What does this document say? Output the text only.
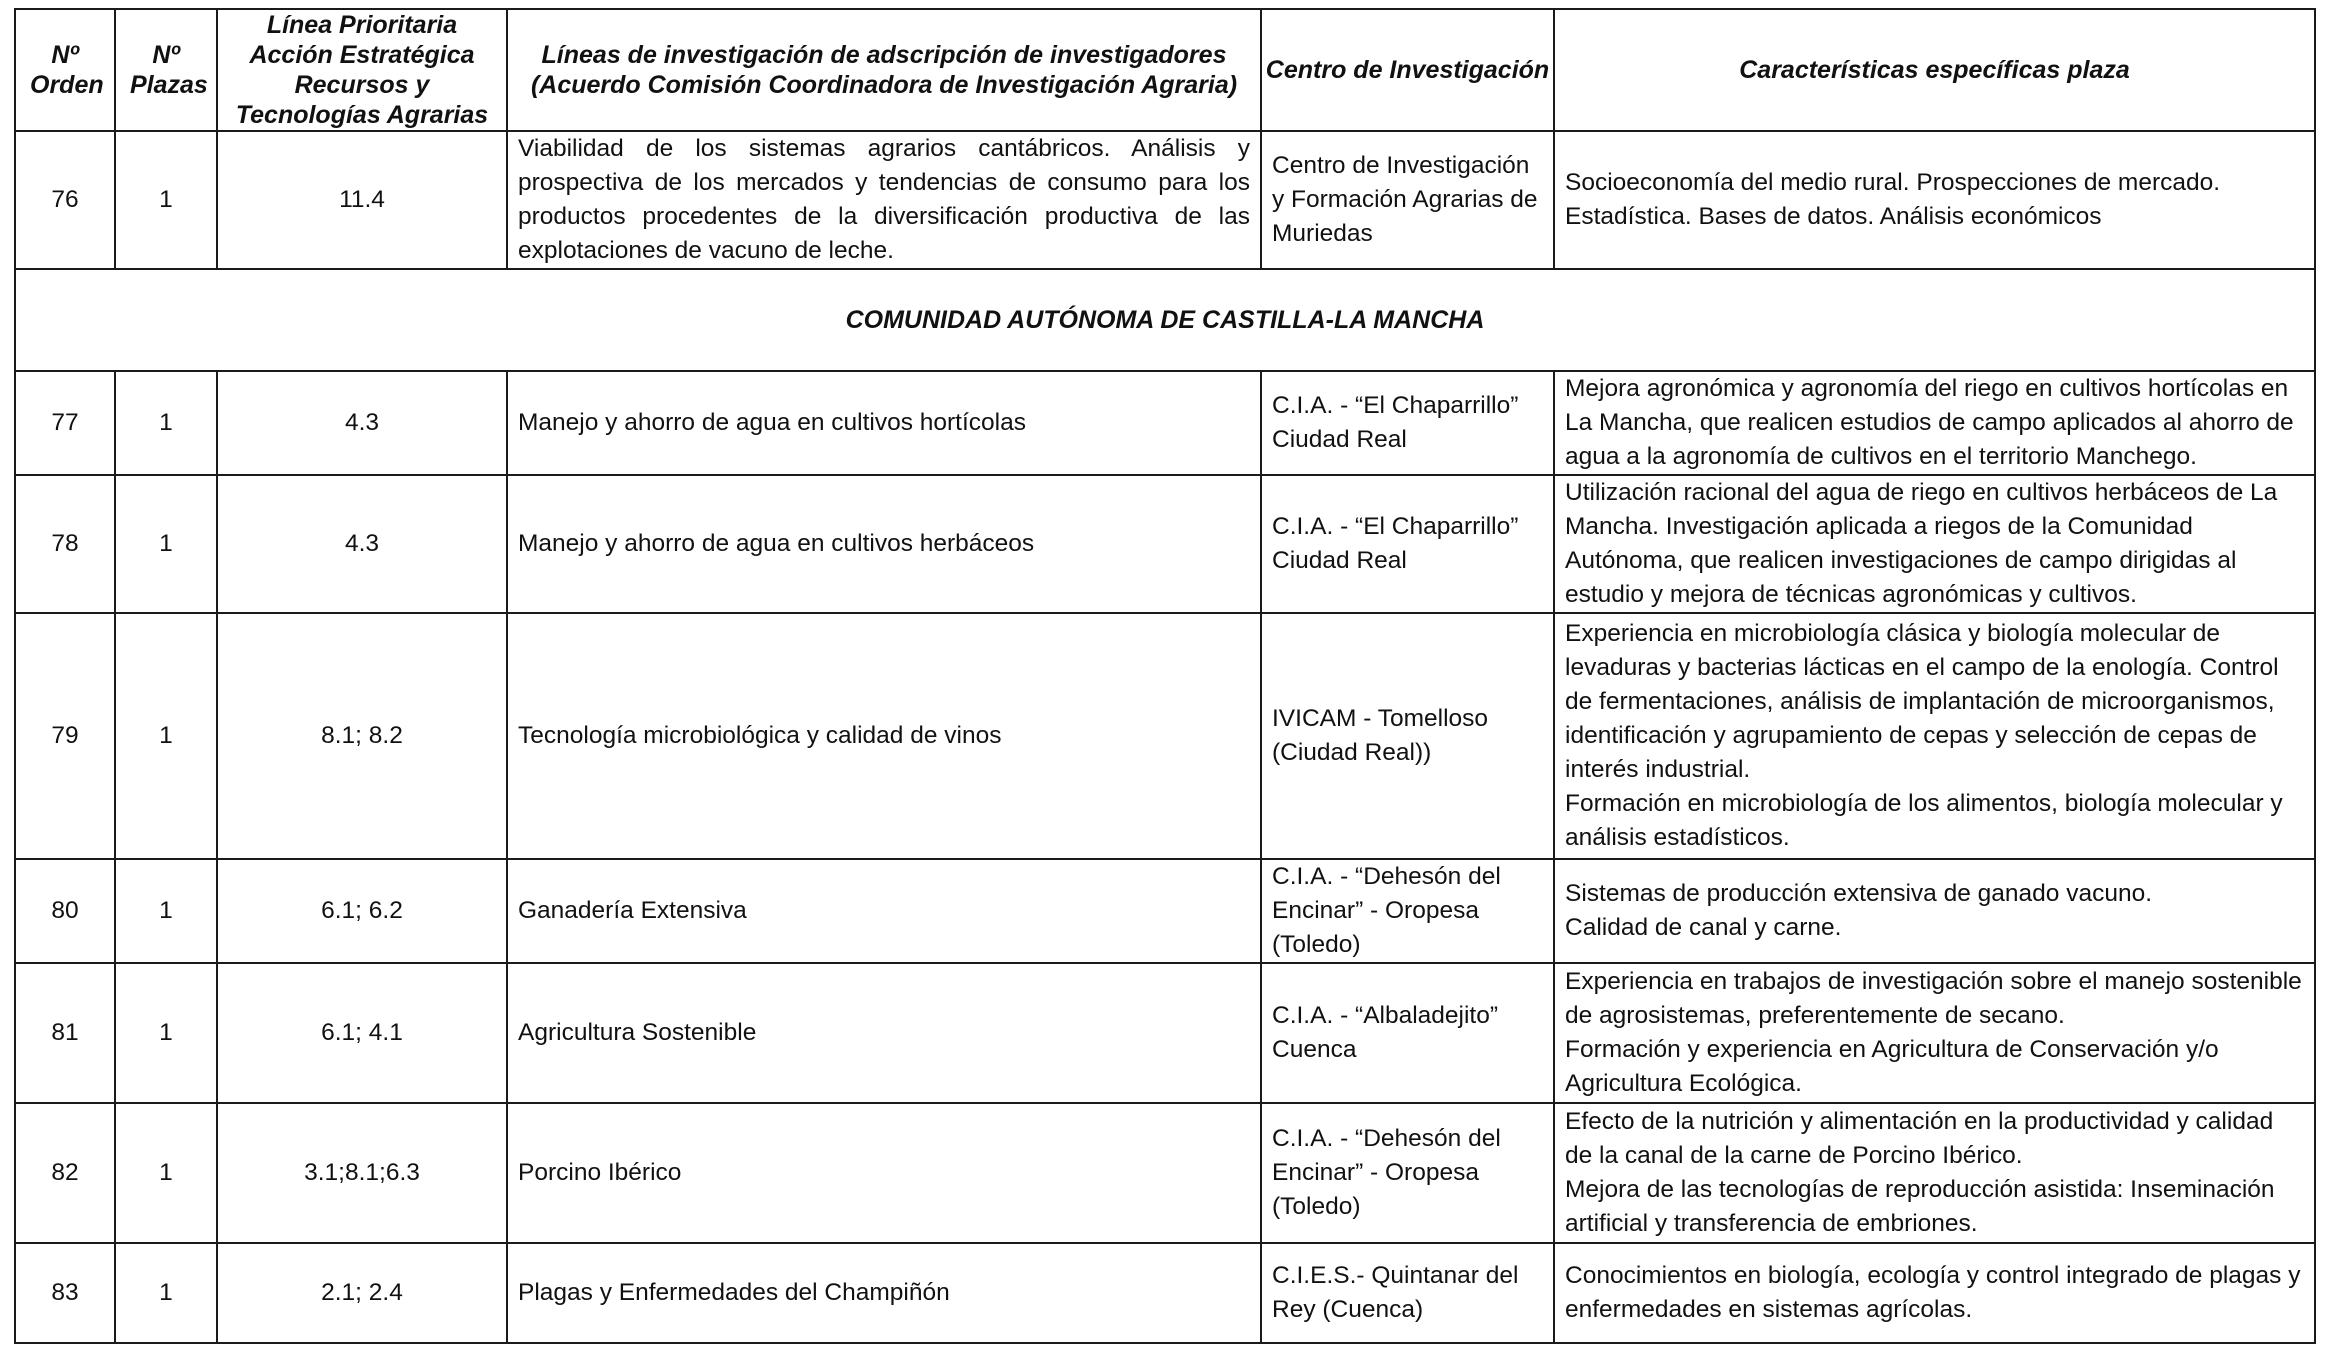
Nº Orden	Nº Plazas	Línea Prioritaria Acción Estratégica Recursos y Tecnologías Agrarias	Líneas de investigación de adscripción de investigadores
(Acuerdo Comisión Coordinadora de Investigación Agraria)	Centro de Investigación	Características específicas plaza
76	1	11.4	Viabilidad de los sistemas agrarios cantábricos. Análisis y prospectiva de los mercados y tendencias de consumo para los productos procedentes de la diversificación productiva de las explotaciones de vacuno de leche.	Centro de Investigación y Formación Agrarias de Muriedas	Socioeconomía del medio rural. Prospecciones de mercado. Estadística. Bases de datos. Análisis económicos

COMUNIDAD AUTÓNOMA DE CASTILLA-LA MANCHA					
77	1	4.3	Manejo y ahorro de agua en cultivos hortícolas	C.I.A. - “El Chaparrillo” Ciudad Real	Mejora agronómica y agronomía del riego en cultivos hortícolas en La Mancha, que realicen estudios de campo aplicados al ahorro de agua a la agronomía de cultivos en el territorio Manchego.

78	1	4.3	Manejo y ahorro de agua en cultivos herbáceos	C.I.A. - “El Chaparrillo” Ciudad Real	Utilización racional del agua de riego en cultivos herbáceos de La Mancha. Investigación aplicada a riegos de la Comunidad Autónoma, que realicen investigaciones de campo dirigidas al estudio y mejora de técnicas agronómicas y cultivos.

79	1	8.1; 8.2	Tecnología microbiológica y calidad de vinos	IVICAM - Tomelloso (Ciudad Real))	Experiencia en microbiología clásica y biología molecular de levaduras y bacterias lácticas en el campo de la enología. Control de fermentaciones, análisis de implantación de microorganismos, identificación y agrupamiento de cepas y selección de cepas de interés industrial.
Formación en microbiología de los alimentos, biología molecular y análisis estadísticos.

80	1	6.1; 6.2	Ganadería Extensiva	C.I.A. - “Dehesón del Encinar” - Oropesa (Toledo)	Sistemas de producción extensiva de ganado vacuno.
Calidad de canal y carne.

81	1	6.1; 4.1	Agricultura Sostenible	C.I.A. - “Albaladejito” Cuenca	Experiencia en trabajos de investigación sobre el manejo sostenible de agrosistemas, preferentemente de secano.
Formación y experiencia en Agricultura de Conservación y/o Agricultura Ecológica.

82	1	3.1;8.1;6.3	Porcino Ibérico	C.I.A. - “Dehesón del Encinar” - Oropesa (Toledo)	Efecto de la nutrición y alimentación en la productividad y calidad de la canal de la carne de Porcino Ibérico.
Mejora de las tecnologías de reproducción asistida: Inseminación artificial y transferencia de embriones.

83	1	2.1; 2.4	Plagas y Enfermedades del Champiñón	C.I.E.S.- Quintanar del Rey (Cuenca)	Conocimientos en biología, ecología y control integrado de plagas y enfermedades en sistemas agrícolas.
